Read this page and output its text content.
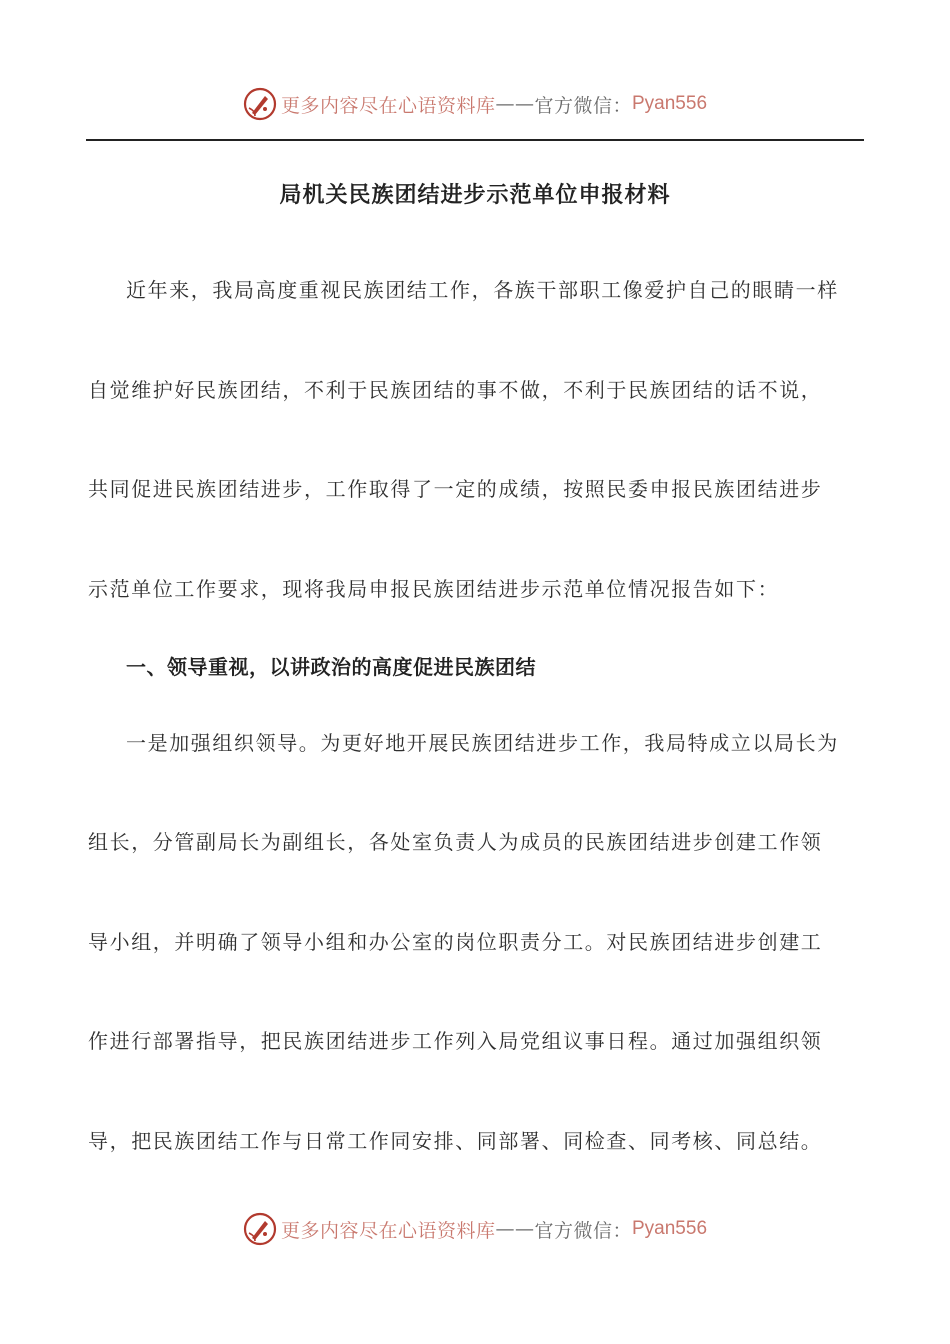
更多内容尽在心语资料库 —— 官方微信： Pyan556
局机关民族团结进步示范单位申报材料
近年来，我局高度重视民族团结工作，各族干部职工像爱护自己的眼睛一样
自觉维护好民族团结，不利于民族团结的事不做，不利于民族团结的话不说，
共同促进民族团结进步，工作取得了一定的成绩，按照民委申报民族团结进步
示范单位工作要求，现将我局申报民族团结进步示范单位情况报告如下：
一、领导重视，以讲政治的高度促进民族团结
一是加强组织领导。为更好地开展民族团结进步工作，我局特成立以局长为
组长，分管副局长为副组长，各处室负责人为成员的民族团结进步创建工作领
导小组，并明确了领导小组和办公室的岗位职责分工。对民族团结进步创建工
作进行部署指导，把民族团结进步工作列入局党组议事日程。通过加强组织领
导，把民族团结工作与日常工作同安排、同部署、同检查、同考核、同总结。
更多内容尽在心语资料库 —— 官方微信： Pyan556
